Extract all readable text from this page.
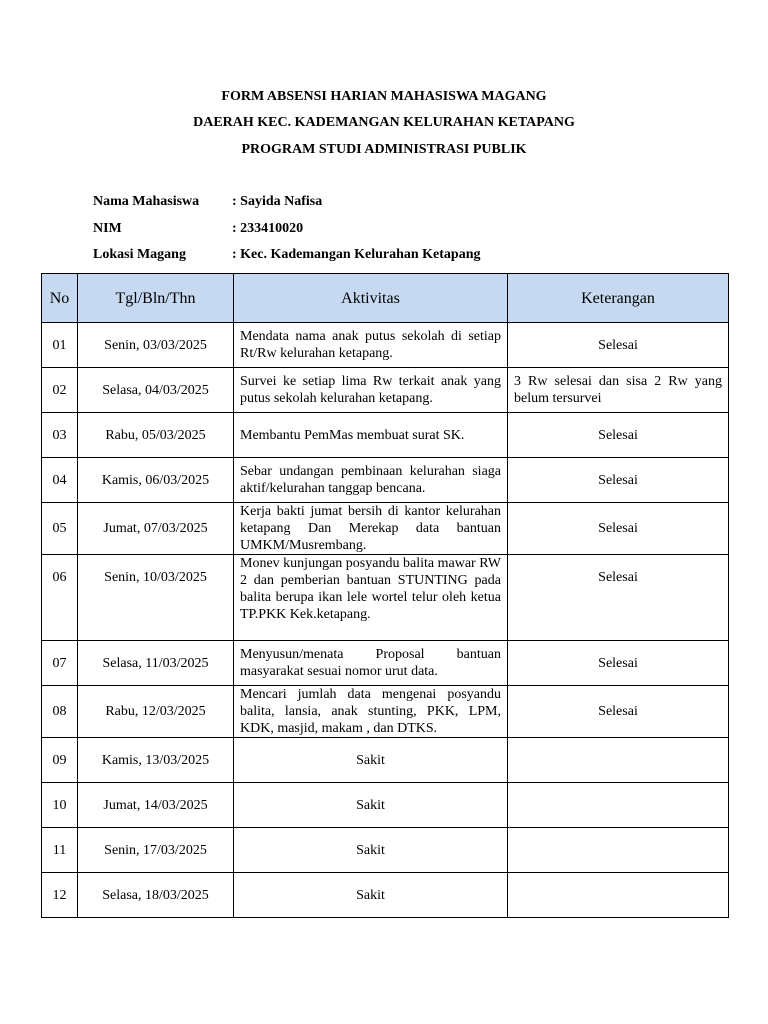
FORM ABSENSI HARIAN MAHASISWA MAGANG
DAERAH KEC. KADEMANGAN KELURAHAN KETAPANG
PROGRAM STUDI ADMINISTRASI PUBLIK
Nama Mahasiswa : Sayida Nafisa
NIM	: 233410020
Lokasi Magang	: Kec. Kademangan Kelurahan Ketapang
No	Tgl/Bln/Thn	Aktivitas	Keterangan
01	Senin, 03/03/2025	Mendata nama anak putus sekolah di setiap Rt/Rw kelurahan ketapang.	Selesai
02	Selasa, 04/03/2025	Survei ke setiap lima Rw terkait anak yang putus sekolah kelurahan ketapang.	3 Rw selesai dan sisa 2 Rw yang belum tersurvei
03	Rabu, 05/03/2025	Membantu PemMas membuat surat SK.	Selesai
04	Kamis, 06/03/2025	Sebar undangan pembinaan kelurahan siaga aktif/kelurahan tanggap bencana.	Selesai
05	Jumat, 07/03/2025	Kerja bakti jumat bersih di kantor kelurahan ketapang Dan Merekap data bantuan UMKM/Musrembang.	Selesai
06	Senin, 10/03/2025	Monev kunjungan posyandu balita mawar RW 2 dan pemberian bantuan STUNTING pada balita berupa ikan lele wortel telur oleh ketua TP.PKK Kek.ketapang.	Selesai
07	Selasa, 11/03/2025	Menyusun/menata Proposal bantuan masyarakat sesuai nomor urut data.	Selesai
08	Rabu, 12/03/2025	Mencari jumlah data mengenai posyandu balita, lansia, anak stunting, PKK, LPM, KDK, masjid, makam , dan DTKS.	Selesai
09	Kamis, 13/03/2025	Sakit	
10	Jumat, 14/03/2025	Sakit	
11	Senin, 17/03/2025	Sakit	
12	Selasa, 18/03/2025	Sakit	
